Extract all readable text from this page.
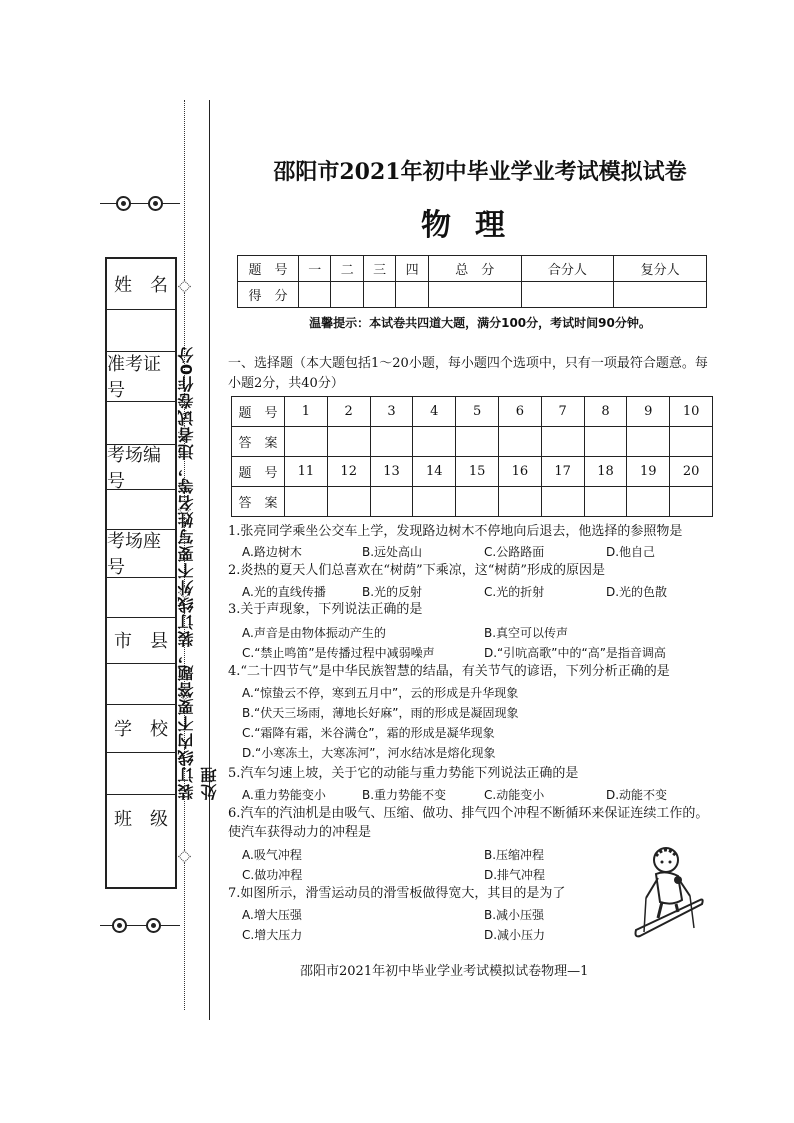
姓　名
准考证号
考场编号
考场座号
市　县
学　校
班　级
装订线内不要答题，装订线外不要写姓名等，违者试卷作0分处理
邵阳市2021年初中毕业学业考试模拟试卷
物理
题　号	一	二	三	四	总　分	合分人	复分人
得　分							
温馨提示：本试卷共四道大题，满分100分，考试时间90分钟。
一、选择题（本大题包括1～20小题，每小题四个选项中，只有一项最符合题意。每小题2分，共40分）
题　号	1	2	3	4	5	6	7	8	9	10
答　案										
题　号	11	12	13	14	15	16	17	18	19	20
答　案										
1.张亮同学乘坐公交车上学，发现路边树木不停地向后退去，他选择的参照物是
A.路边树木	B.远处高山	C.公路路面	D.他自己
2.炎热的夏天人们总喜欢在“树荫”下乘凉，这“树荫”形成的原因是
A.光的直线传播	B.光的反射	C.光的折射	D.光的色散
3.关于声现象，下列说法正确的是
A.声音是由物体振动产生的	B.真空可以传声
C.“禁止鸣笛”是传播过程中减弱噪声	D.“引吭高歌”中的“高”是指音调高
4.“二十四节气”是中华民族智慧的结晶，有关节气的谚语，下列分析正确的是
A.“惊蛰云不停，寒到五月中”，云的形成是升华现象
B.“伏天三场雨，薄地长好麻”，雨的形成是凝固现象
C.“霜降有霜，米谷满仓”，霜的形成是凝华现象
D.“小寒冻土，大寒冻河”，河水结冰是熔化现象
5.汽车匀速上坡，关于它的动能与重力势能下列说法正确的是
A.重力势能变小	B.重力势能不变	C.动能变小	D.动能不变
6.汽车的汽油机是由吸气、压缩、做功、排气四个冲程不断循环来保证连续工作的。使汽车获得动力的冲程是
A.吸气冲程	B.压缩冲程
C.做功冲程	D.排气冲程
7.如图所示，滑雪运动员的滑雪板做得宽大，其目的是为了
A.增大压强	B.减小压强
C.增大压力	D.减小压力
邵阳市2021年初中毕业学业考试模拟试卷物理—1
